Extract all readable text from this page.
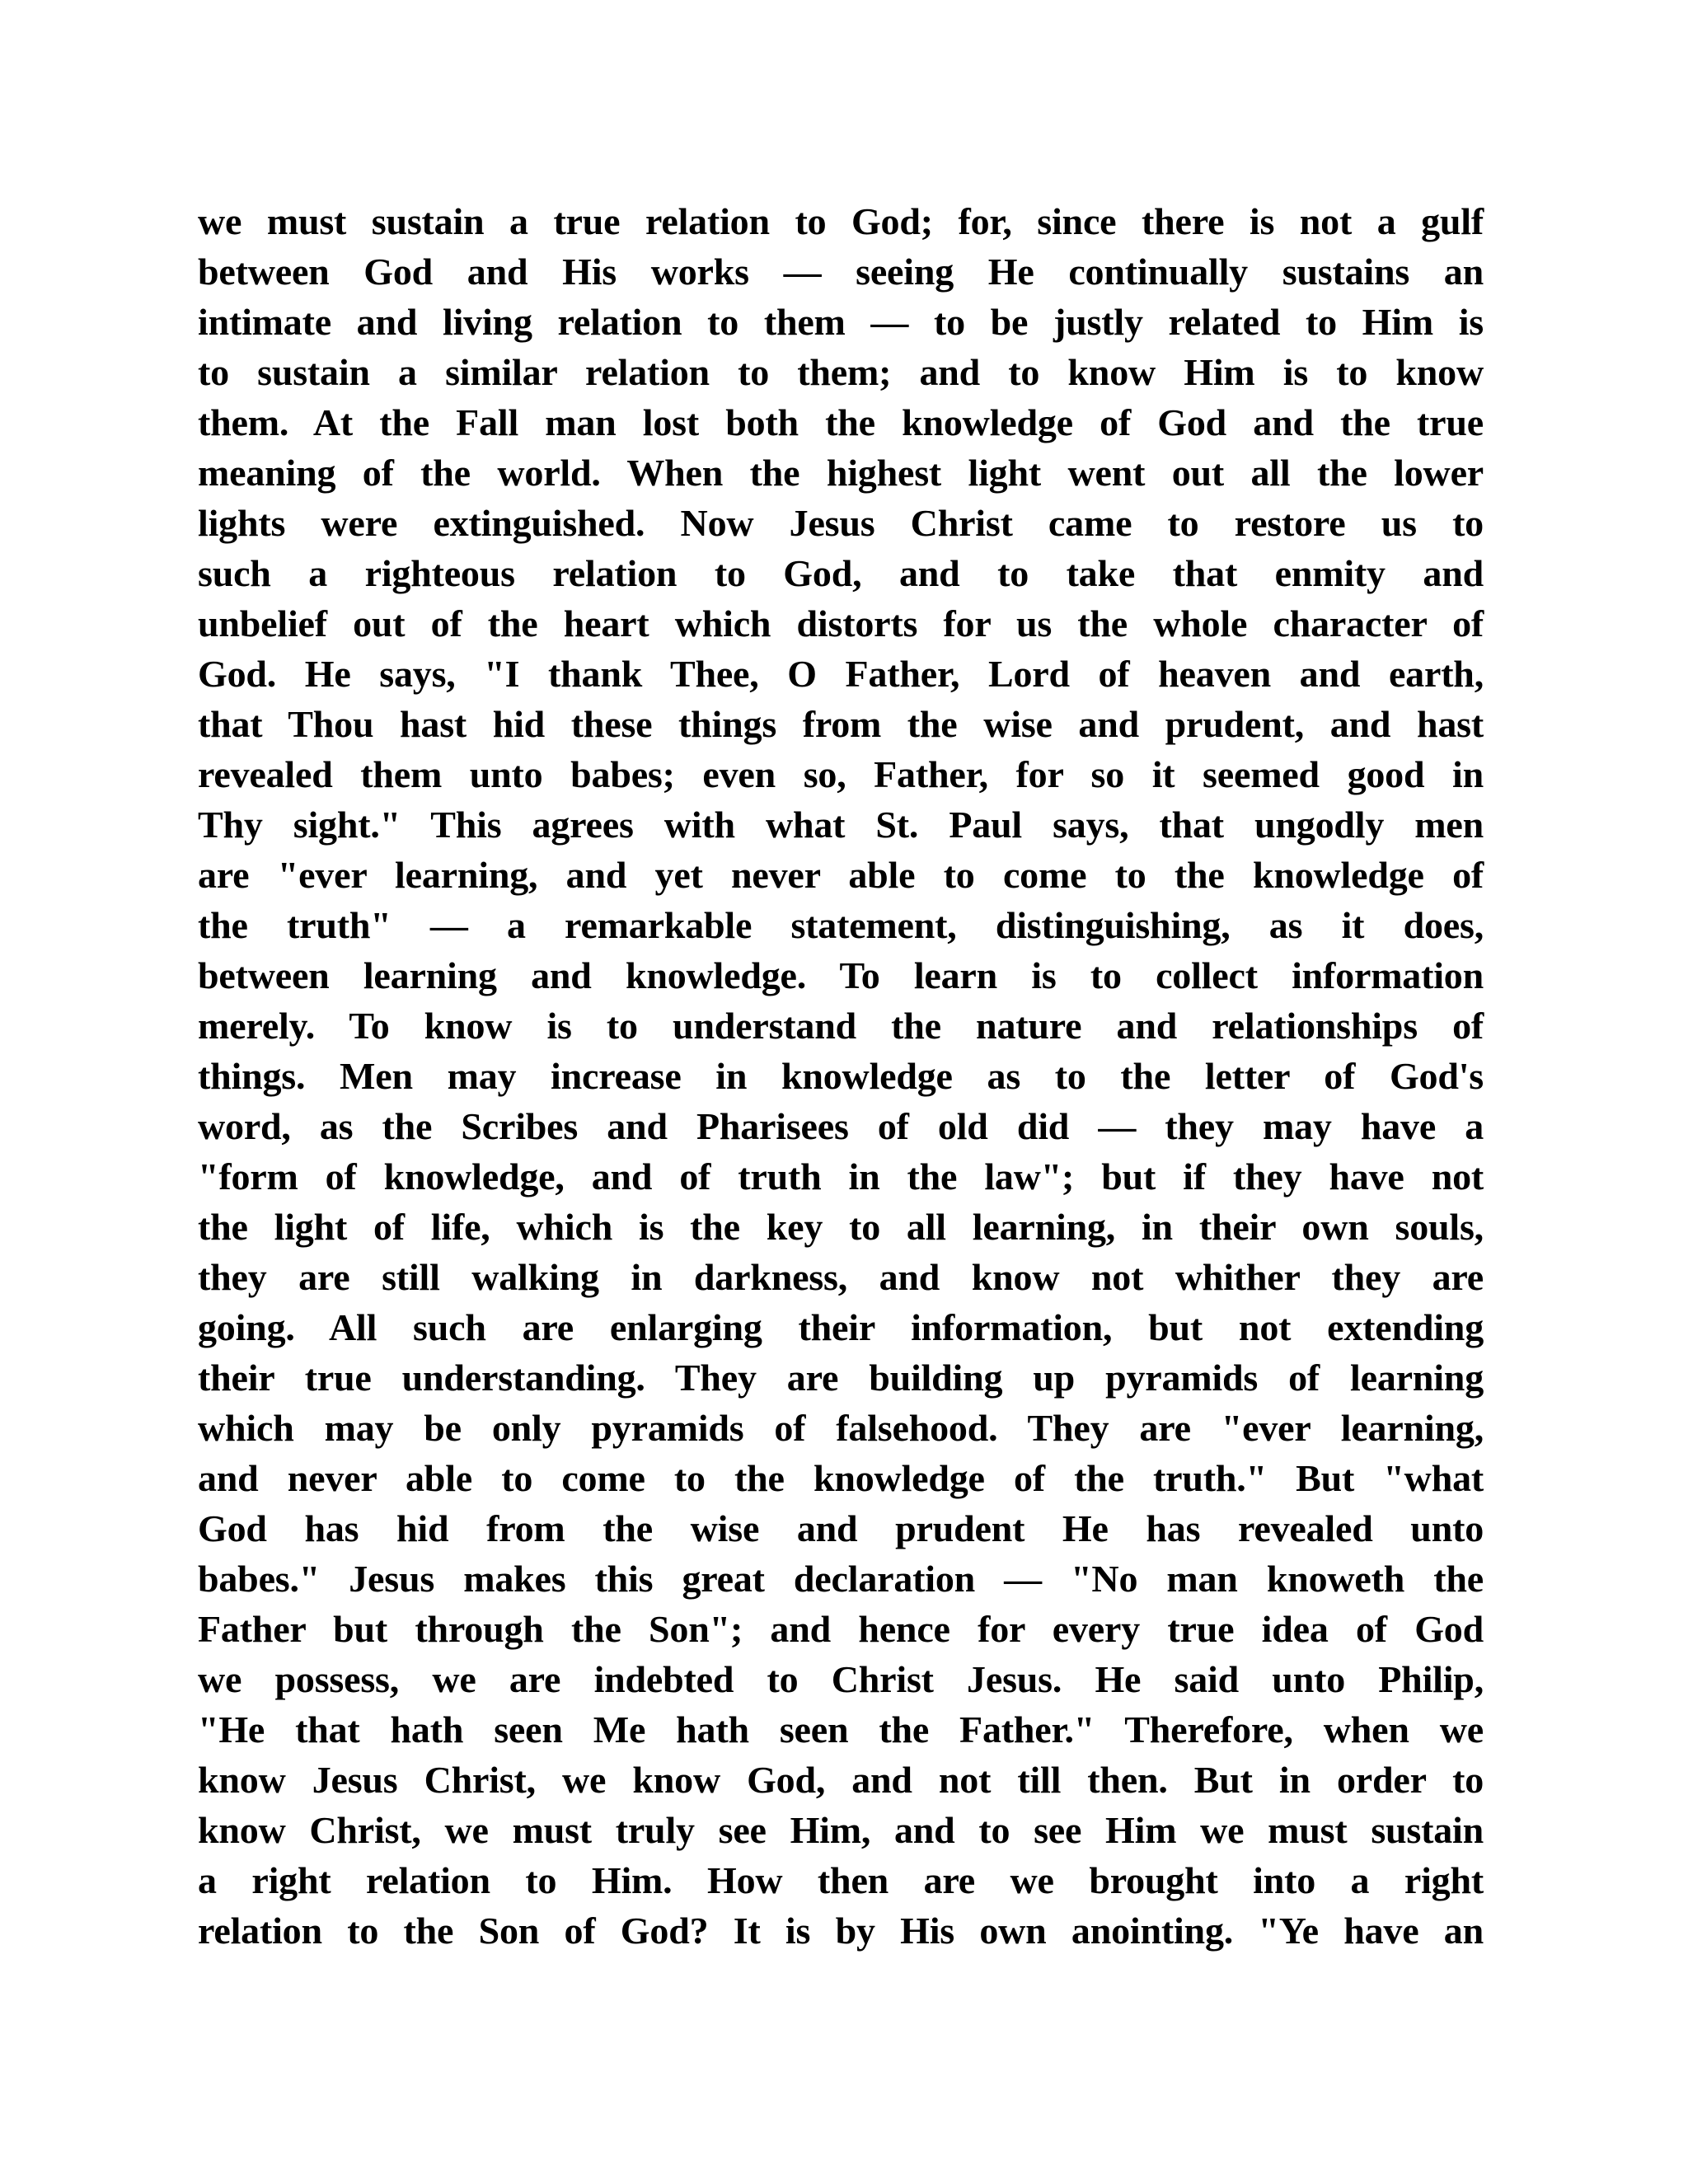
we must sustain a true relation to God; for, since there is not a gulf
between God and His works — seeing He continually sustains an
intimate and living relation to them — to be justly related to Him is
to sustain a similar relation to them; and to know Him is to know
them. At the Fall man lost both the knowledge of God and the true
meaning of the world. When the highest light went out all the lower
lights were extinguished. Now Jesus Christ came to restore us to
such a righteous relation to God, and to take that enmity and
unbelief out of the heart which distorts for us the whole character of
God. He says, "I thank Thee, O Father, Lord of heaven and earth,
that Thou hast hid these things from the wise and prudent, and hast
revealed them unto babes; even so, Father, for so it seemed good in
Thy sight." This agrees with what St. Paul says, that ungodly men
are "ever learning, and yet never able to come to the knowledge of
the truth" — a remarkable statement, distinguishing, as it does,
between learning and knowledge. To learn is to collect information
merely. To know is to understand the nature and relationships of
things. Men may increase in knowledge as to the letter of God's
word, as the Scribes and Pharisees of old did — they may have a
"form of knowledge, and of truth in the law"; but if they have not
the light of life, which is the key to all learning, in their own souls,
they are still walking in darkness, and know not whither they are
going. All such are enlarging their information, but not extending
their true understanding. They are building up pyramids of learning
which may be only pyramids of falsehood. They are "ever learning,
and never able to come to the knowledge of the truth." But "what
God has hid from the wise and prudent He has revealed unto
babes." Jesus makes this great declaration — "No man knoweth the
Father but through the Son"; and hence for every true idea of God
we possess, we are indebted to Christ Jesus. He said unto Philip,
"He that hath seen Me hath seen the Father." Therefore, when we
know Jesus Christ, we know God, and not till then. But in order to
know Christ, we must truly see Him, and to see Him we must sustain
a right relation to Him. How then are we brought into a right
relation to the Son of God? It is by His own anointing. "Ye have an
